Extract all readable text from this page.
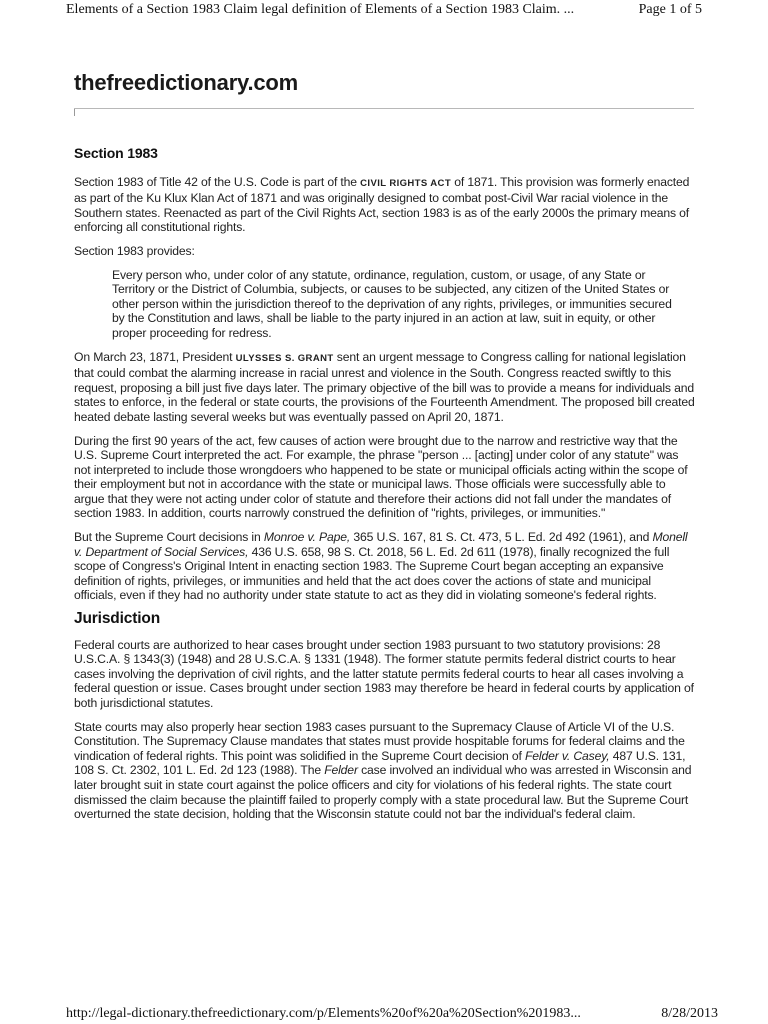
Elements of a Section 1983 Claim legal definition of Elements of a Section 1983 Claim. ...	Page 1 of 5
thefreedictionary.com
Section 1983

Section 1983 of Title 42 of the U.S. Code is part of the CIVIL RIGHTS ACT of 1871. This provision was formerly enacted as part of the Ku Klux Klan Act of 1871 and was originally designed to combat post-Civil War racial violence in the Southern states. Reenacted as part of the Civil Rights Act, section 1983 is as of the early 2000s the primary means of enforcing all constitutional rights.

Section 1983 provides:

Every person who, under color of any statute, ordinance, regulation, custom, or usage, of any State or Territory or the District of Columbia, subjects, or causes to be subjected, any citizen of the United States or other person within the jurisdiction thereof to the deprivation of any rights, privileges, or immunities secured by the Constitution and laws, shall be liable to the party injured in an action at law, suit in equity, or other proper proceeding for redress.

On March 23, 1871, President ULYSSES S. GRANT sent an urgent message to Congress calling for national legislation that could combat the alarming increase in racial unrest and violence in the South. Congress reacted swiftly to this request, proposing a bill just five days later. The primary objective of the bill was to provide a means for individuals and states to enforce, in the federal or state courts, the provisions of the Fourteenth Amendment. The proposed bill created heated debate lasting several weeks but was eventually passed on April 20, 1871.

During the first 90 years of the act, few causes of action were brought due to the narrow and restrictive way that the U.S. Supreme Court interpreted the act. For example, the phrase "person ... [acting] under color of any statute" was not interpreted to include those wrongdoers who happened to be state or municipal officials acting within the scope of their employment but not in accordance with the state or municipal laws. Those officials were successfully able to argue that they were not acting under color of statute and therefore their actions did not fall under the mandates of section 1983. In addition, courts narrowly construed the definition of "rights, privileges, or immunities."

But the Supreme Court decisions in Monroe v. Pape, 365 U.S. 167, 81 S. Ct. 473, 5 L. Ed. 2d 492 (1961), and Monell v. Department of Social Services, 436 U.S. 658, 98 S. Ct. 2018, 56 L. Ed. 2d 611 (1978), finally recognized the full scope of Congress's Original Intent in enacting section 1983. The Supreme Court began accepting an expansive definition of rights, privileges, or immunities and held that the act does cover the actions of state and municipal officials, even if they had no authority under state statute to act as they did in violating someone's federal rights.

Jurisdiction

Federal courts are authorized to hear cases brought under section 1983 pursuant to two statutory provisions: 28 U.S.C.A. § 1343(3) (1948) and 28 U.S.C.A. § 1331 (1948). The former statute permits federal district courts to hear cases involving the deprivation of civil rights, and the latter statute permits federal courts to hear all cases involving a federal question or issue. Cases brought under section 1983 may therefore be heard in federal courts by application of both jurisdictional statutes.

State courts may also properly hear section 1983 cases pursuant to the Supremacy Clause of Article VI of the U.S. Constitution. The Supremacy Clause mandates that states must provide hospitable forums for federal claims and the vindication of federal rights. This point was solidified in the Supreme Court decision of Felder v. Casey, 487 U.S. 131, 108 S. Ct. 2302, 101 L. Ed. 2d 123 (1988). The Felder case involved an individual who was arrested in Wisconsin and later brought suit in state court against the police officers and city for violations of his federal rights. The state court dismissed the claim because the plaintiff failed to properly comply with a state procedural law. But the Supreme Court overturned the state decision, holding that the Wisconsin statute could not bar the individual's federal claim.

http://legal-dictionary.thefreedictionary.com/p/Elements%20of%20a%20Section%201983...	8/28/2013
